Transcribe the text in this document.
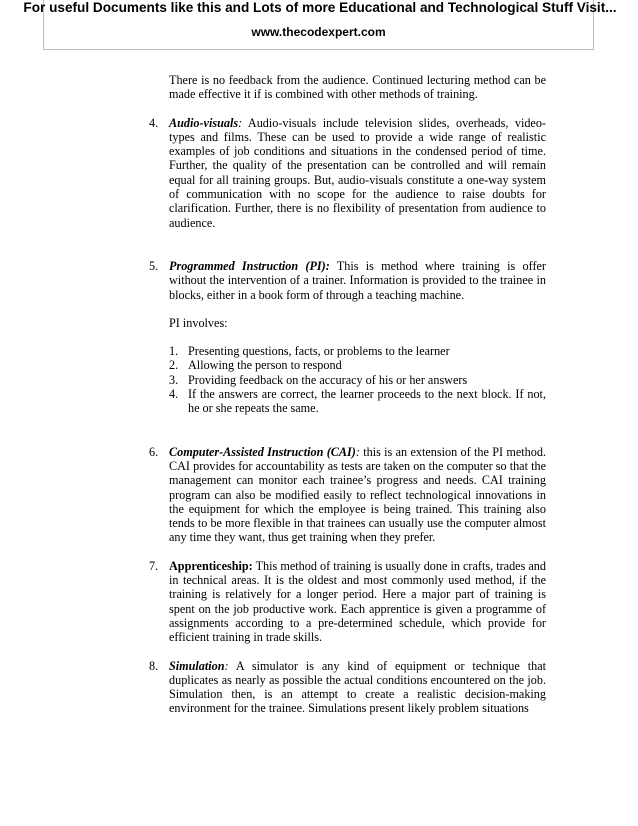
For useful Documents like this and Lots of more Educational and Technological Stuff Visit...
www.thecodexpert.com

There is no feedback from the audience. Continued lecturing method can be made effective it if is combined with other methods of training.

4. Audio-visuals: Audio-visuals include television slides, overheads, video-types and films. These can be used to provide a wide range of realistic examples of job conditions and situations in the condensed period of time. Further, the quality of the presentation can be controlled and will remain equal for all training groups. But, audio-visuals constitute a one-way system of communication with no scope for the audience to raise doubts for clarification. Further, there is no flexibility of presentation from audience to audience.

5. Programmed Instruction (PI): This is method where training is offer without the intervention of a trainer. Information is provided to the trainee in blocks, either in a book form of through a teaching machine.

PI involves:

1. Presenting questions, facts, or problems to the learner

2. Allowing the person to respond

3. Providing feedback on the accuracy of his or her answers

4. If the answers are correct, the learner proceeds to the next block. If not, he or she repeats the same.

6. Computer-Assisted Instruction (CAI): this is an extension of the PI method. CAI provides for accountability as tests are taken on the computer so that the management can monitor each trainee’s progress and needs. CAI training program can also be modified easily to reflect technological innovations in the equipment for which the employee is being trained. This training also tends to be more flexible in that trainees can usually use the computer almost any time they want, thus get training when they prefer.

7. Apprenticeship: This method of training is usually done in crafts, trades and in technical areas. It is the oldest and most commonly used method, if the training is relatively for a longer period. Here a major part of training is spent on the job productive work. Each apprentice is given a programme of assignments according to a pre-determined schedule, which provide for efficient training in trade skills.

8. Simulation: A simulator is any kind of equipment or technique that duplicates as nearly as possible the actual conditions encountered on the job. Simulation then, is an attempt to create a realistic decision-making environment for the trainee. Simulations present likely problem situations
